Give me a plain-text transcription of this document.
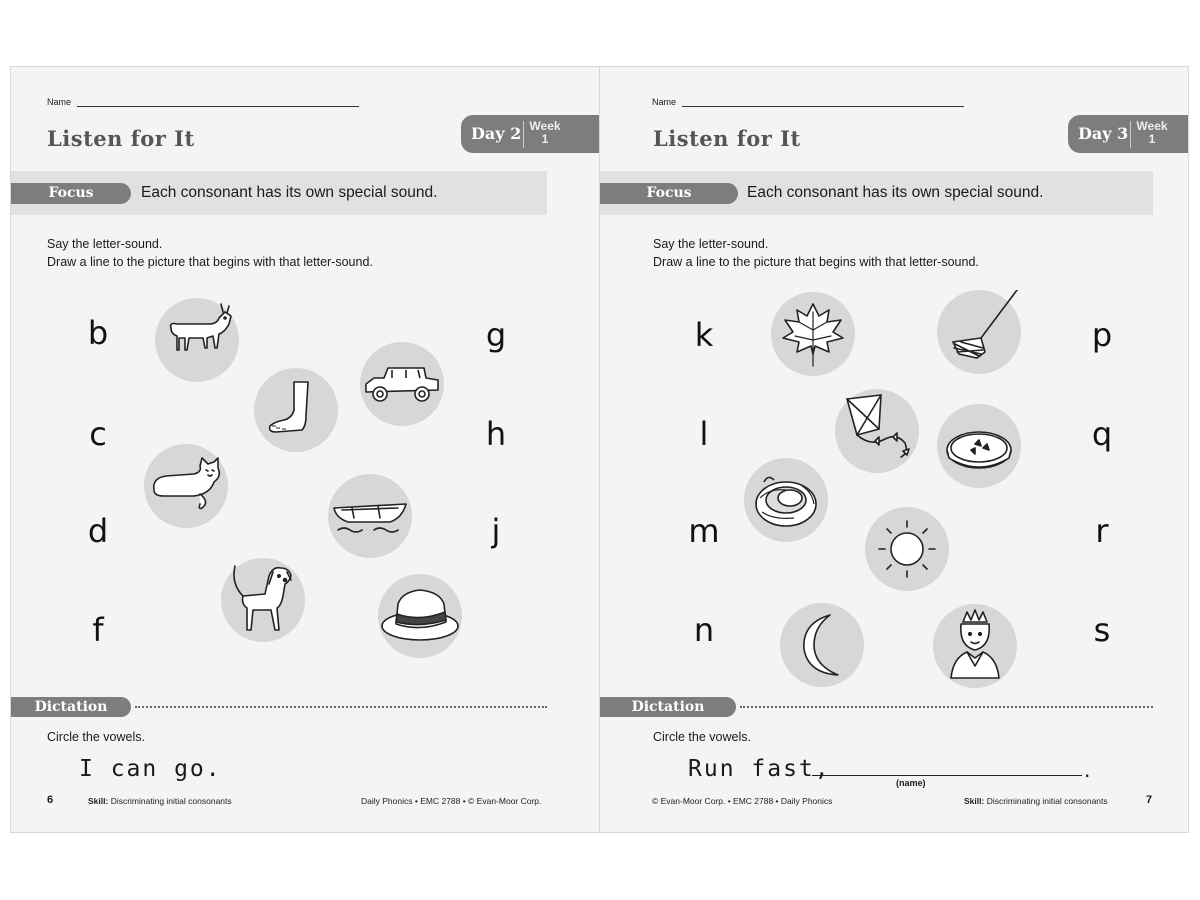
Name
Listen for It	Day 2 Week
1
Focus	Each consonant has its own special sound.
Say the letter-sound.
Draw a line to the picture that begins with that letter-sound.
b
c
d
f
g
h
j
Dictation
Circle the vowels.
I can go.
6	Skill: Discriminating initial consonants	Daily Phonics • EMC 2788 • © Evan-Moor Corp.
Name
Listen for It	Day 3 Week
1
Focus	Each consonant has its own special sound.
Say the letter-sound.
Draw a line to the picture that begins with that letter-sound.
k
l
m
n
p
q
r
s
Dictation
Circle the vowels.
Run fast,
(name)
.
© Evan-Moor Corp. • EMC 2788 • Daily Phonics	Skill: Discriminating initial consonants	7
